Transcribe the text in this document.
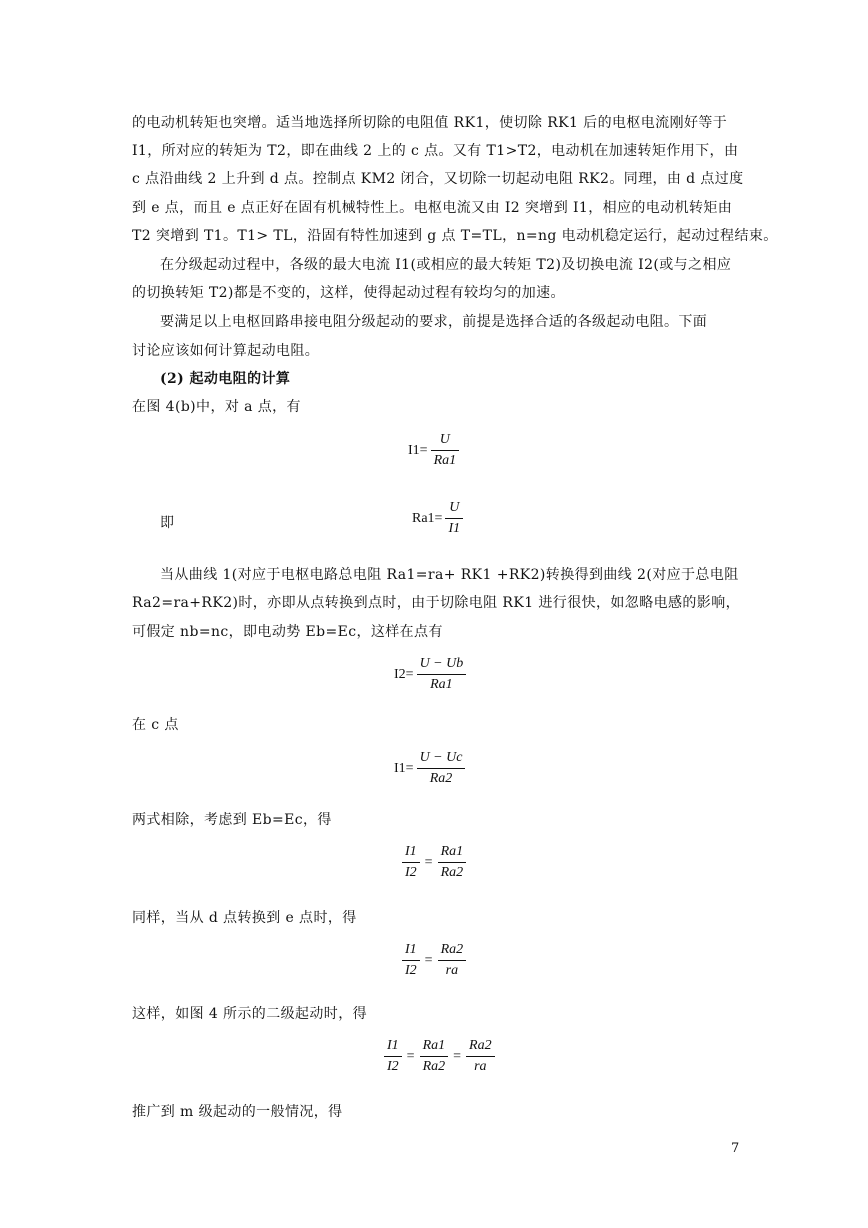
的电动机转矩也突增。适当地选择所切除的电阻值 RK1，使切除 RK1 后的电枢电流刚好等于
I1，所对应的转矩为 T2，即在曲线 2 上的 c 点。又有 T1>T2，电动机在加速转矩作用下，由
c 点沿曲线 2 上升到 d 点。控制点 KM2 闭合，又切除一切起动电阻 RK2。同理，由 d 点过度
到 e 点，而且 e 点正好在固有机械特性上。电枢电流又由 I2 突增到 I1，相应的电动机转矩由
T2 突增到 T1。T1> TL，沿固有特性加速到 g 点 T=TL，n=ng 电动机稳定运行，起动过程结束。
在分级起动过程中，各级的最大电流 I1(或相应的最大转矩 T2)及切换电流 I2(或与之相应
的切换转矩 T2)都是不变的，这样，使得起动过程有较均匀的加速。
要满足以上电枢回路串接电阻分级起动的要求，前提是选择合适的各级起动电阻。下面
讨论应该如何计算起动电阻。
(2) 起动电阻的计算
在图 4(b)中，对 a 点，有
$I1= \frac{U}{Ra1}$
即	$Ra1= \frac{U}{I1}$
当从曲线 1(对应于电枢电路总电阻 Ra1=ra+ RK1 +RK2)转换得到曲线 2(对应于总电阻
Ra2=ra+RK2)时，亦即从点转换到点时，由于切除电阻 RK1 进行很快，如忽略电感的影响，
可假定 nb=nc，即电动势 Eb=Ec，这样在点有
$I2= \frac{U - Ub}{Ra1}$
在 c 点
$I1= \frac{U - Uc}{Ra2}$
两式相除，考虑到 Eb=Ec，得
$\frac{I1}{I2} = \frac{Ra1}{Ra2}$
同样，当从 d 点转换到 e 点时，得
$\frac{I1}{I2} = \frac{Ra2}{ra}$
这样，如图 4 所示的二级起动时，得
$\frac{I1}{I2} = \frac{Ra1}{Ra2} = \frac{Ra2}{ra}$
推广到 m 级起动的一般情况，得
7
